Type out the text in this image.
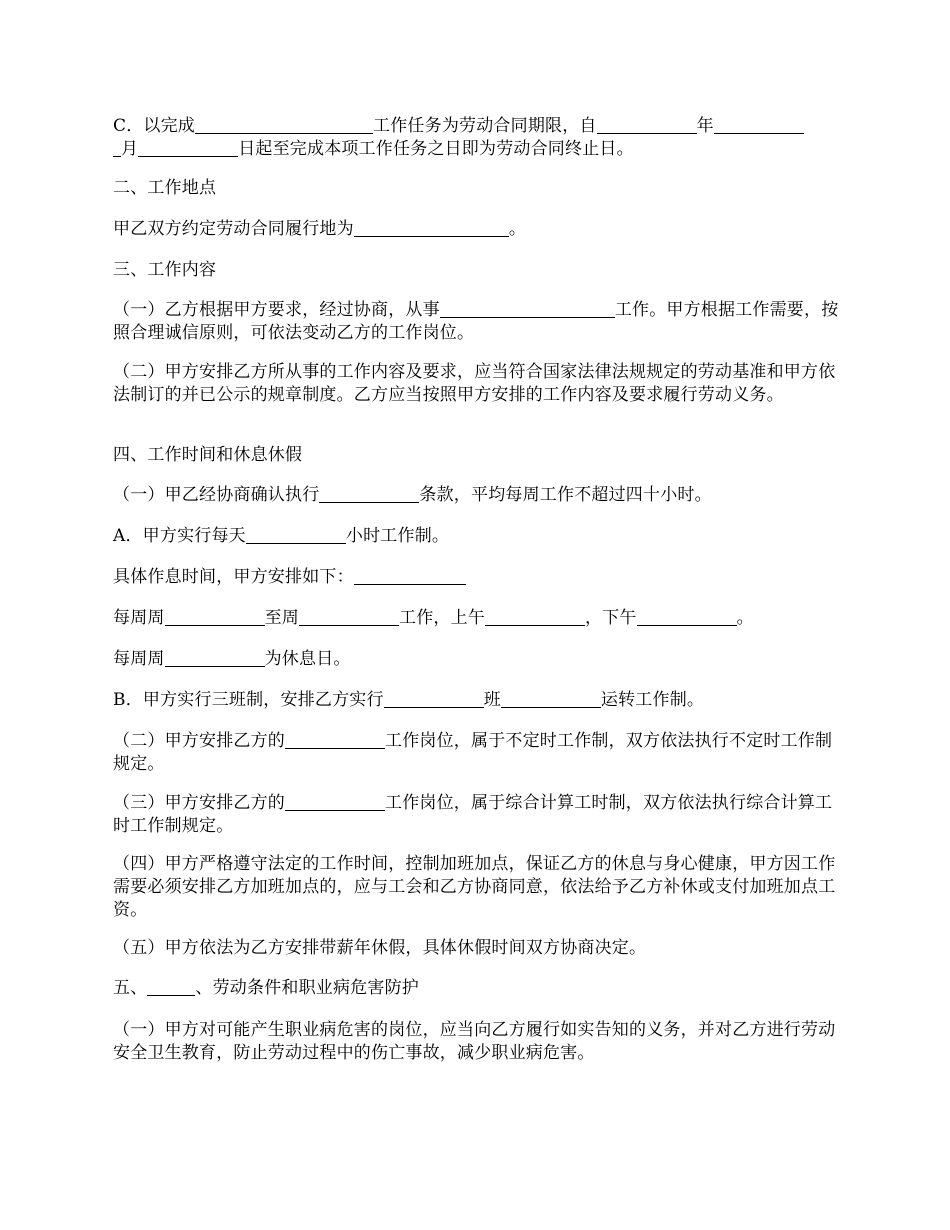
C．以完成	工作任务为劳动合同期限，自	年
月	日起至完成本项工作任务之日即为劳动合同终止日。

二、工作地点

甲乙双方约定劳动合同履行地为	。

三、工作内容

（一）乙方根据甲方要求，经过协商，从事	工作。甲方根据工作需要，按照合理诚信原则，可依法变动乙方的工作岗位。

（二）甲方安排乙方所从事的工作内容及要求，应当符合国家法律法规规定的劳动基准和甲方依法制订的并已公示的规章制度。乙方应当按照甲方安排的工作内容及要求履行劳动义务。

四、工作时间和休息休假

（一）甲乙经协商确认执行	条款，平均每周工作不超过四十小时。

A．甲方实行每天	小时工作制。

具体作息时间，甲方安排如下：

每周周	至周	工作，上午	，下午	。

每周周	为休息日。

B．甲方实行三班制，安排乙方实行	班	运转工作制。

（二）甲方安排乙方的	工作岗位，属于不定时工作制，双方依法执行不定时工作制规定。

（三）甲方安排乙方的	工作岗位，属于综合计算工时制，双方依法执行综合计算工时工作制规定。

（四）甲方严格遵守法定的工作时间，控制加班加点，保证乙方的休息与身心健康，甲方因工作需要必须安排乙方加班加点的，应与工会和乙方协商同意，依法给予乙方补休或支付加班加点工资。

（五）甲方依法为乙方安排带薪年休假，具体休假时间双方协商决定。

五、	、劳动条件和职业病危害防护

（一）甲方对可能产生职业病危害的岗位，应当向乙方履行如实告知的义务，并对乙方进行劳动安全卫生教育，防止劳动过程中的伤亡事故，减少职业病危害。
